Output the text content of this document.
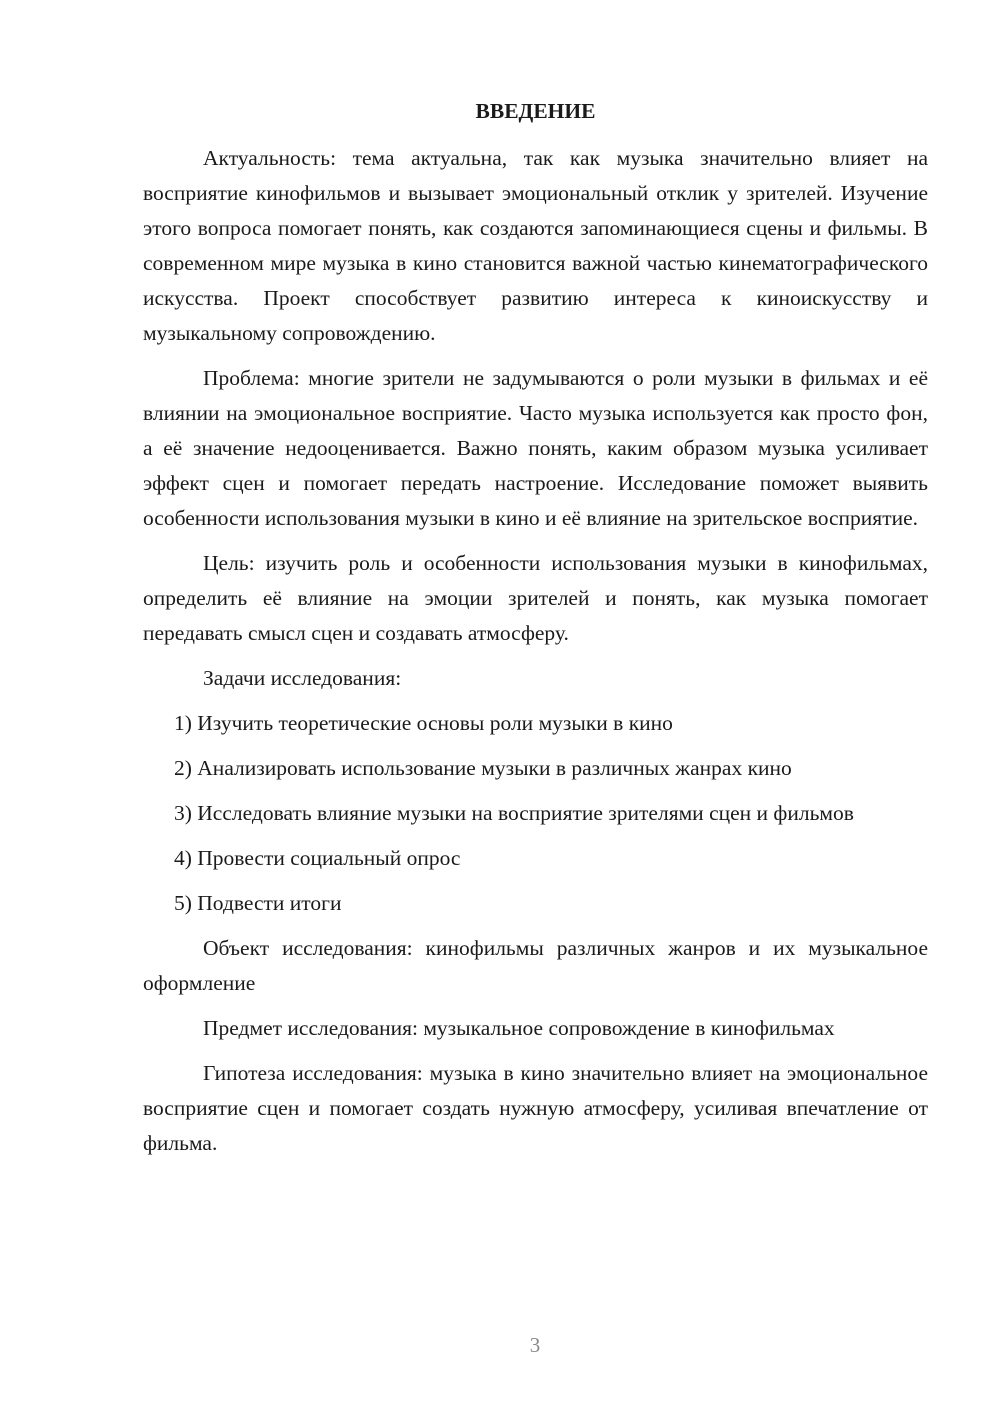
ВВЕДЕНИЕ

Актуальность: тема актуальна, так как музыка значительно влияет на восприятие кинофильмов и вызывает эмоциональный отклик у зрителей. Изучение этого вопроса помогает понять, как создаются запоминающиеся сцены и фильмы. В современном мире музыка в кино становится важной частью кинематографического искусства. Проект способствует развитию интереса к киноискусству и музыкальному сопровождению.

Проблема: многие зрители не задумываются о роли музыки в фильмах и её влиянии на эмоциональное восприятие. Часто музыка используется как просто фон, а её значение недооценивается. Важно понять, каким образом музыка усиливает эффект сцен и помогает передать настроение. Исследование поможет выявить особенности использования музыки в кино и её влияние на зрительское восприятие.

Цель: изучить роль и особенности использования музыки в кинофильмах, определить её влияние на эмоции зрителей и понять, как музыка помогает передавать смысл сцен и создавать атмосферу.

Задачи исследования:

1) Изучить теоретические основы роли музыки в кино

2) Анализировать использование музыки в различных жанрах кино

3) Исследовать влияние музыки на восприятие зрителями сцен и фильмов

4) Провести социальный опрос

5) Подвести итоги

Объект исследования: кинофильмы различных жанров и их музыкальное оформление

Предмет исследования: музыкальное сопровождение в кинофильмах

Гипотеза исследования: музыка в кино значительно влияет на эмоциональное восприятие сцен и помогает создать нужную атмосферу, усиливая впечатление от фильма.

3
